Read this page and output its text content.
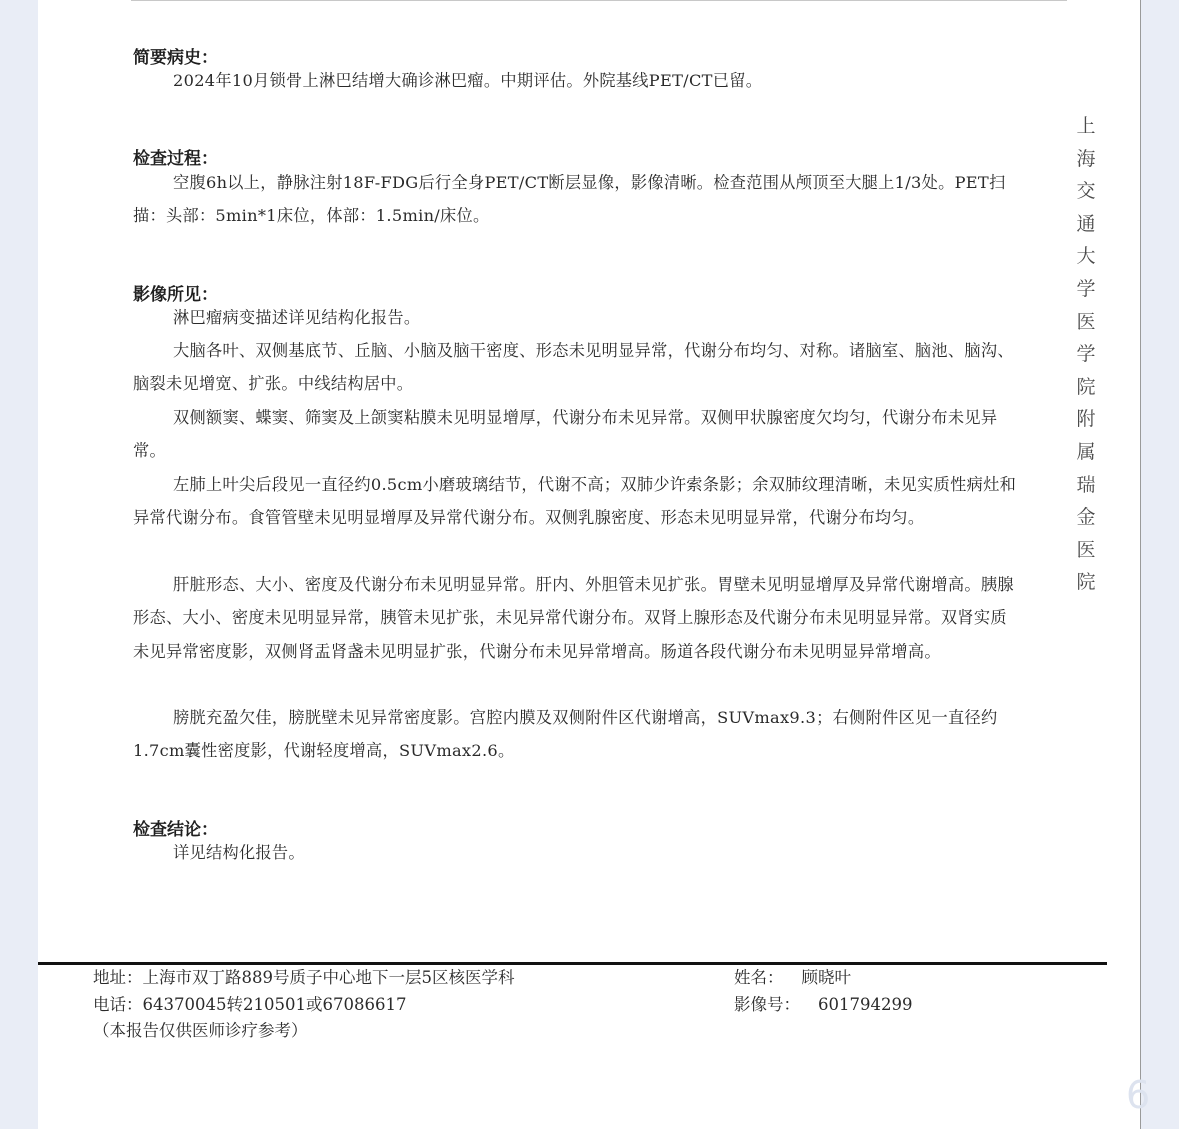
简要病史：
2024年10月锁骨上淋巴结增大确诊淋巴瘤。中期评估。外院基线PET/CT已留。
检查过程：
空腹6h以上，静脉注射18F-FDG后行全身PET/CT断层显像，影像清晰。检查范围从颅顶至大腿上1/3处。PET扫描：头部：5min*1床位，体部：1.5min/床位。
影像所见：
淋巴瘤病变描述详见结构化报告。
大脑各叶、双侧基底节、丘脑、小脑及脑干密度、形态未见明显异常，代谢分布均匀、对称。诸脑室、脑池、脑沟、脑裂未见增宽、扩张。中线结构居中。
双侧额窦、蝶窦、筛窦及上颌窦粘膜未见明显增厚，代谢分布未见异常。双侧甲状腺密度欠均匀，代谢分布未见异常。
左肺上叶尖后段见一直径约0.5cm小磨玻璃结节，代谢不高；双肺少许索条影；余双肺纹理清晰，未见实质性病灶和异常代谢分布。食管管壁未见明显增厚及异常代谢分布。双侧乳腺密度、形态未见明显异常，代谢分布均匀。
肝脏形态、大小、密度及代谢分布未见明显异常。肝内、外胆管未见扩张。胃壁未见明显增厚及异常代谢增高。胰腺形态、大小、密度未见明显异常，胰管未见扩张，未见异常代谢分布。双肾上腺形态及代谢分布未见明显异常。双肾实质未见异常密度影，双侧肾盂肾盏未见明显扩张，代谢分布未见异常增高。肠道各段代谢分布未见明显异常增高。
膀胱充盈欠佳，膀胱壁未见异常密度影。宫腔内膜及双侧附件区代谢增高，SUVmax9.3；右侧附件区见一直径约1.7cm囊性密度影，代谢轻度增高，SUVmax2.6。
检查结论：
详见结构化报告。
上
海
交
通
大
学
医
学
院
附
属
瑞
金
医
院
地址：上海市双丁路889号质子中心地下一层5区核医学科
电话：64370045转210501或67086617
（本报告仅供医师诊疗参考）
姓名： 顾晓叶
影像号： 601794299
6
